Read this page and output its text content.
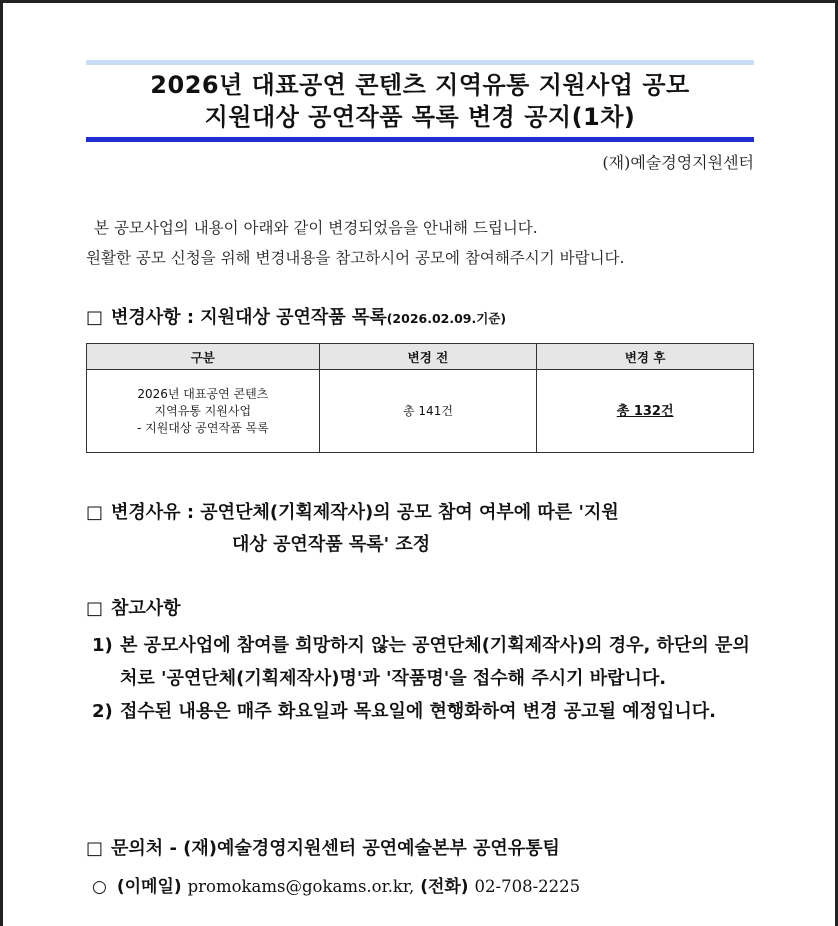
2026년 대표공연 콘텐츠 지역유통 지원사업 공모
지원대상 공연작품 목록 변경 공지(1차)
(재)예술경영지원센터
본 공모사업의 내용이 아래와 같이 변경되었음을 안내해 드립니다.
원활한 공모 신청을 위해 변경내용을 참고하시어 공모에 참여해주시기 바랍니다.
□ 변경사항 : 지원대상 공연작품 목록(2026.02.09.기준)
구분	변경 전	변경 후

2026년 대표공연 콘텐츠
지역유통 지원사업
- 지원대상 공연작품 목록	총 141건	총 132건
□ 변경사유 : 공연단체(기획제작사)의 공모 참여 여부에 따른 '지원
대상 공연작품 목록' 조정
□ 참고사항
1) 본 공모사업에 참여를 희망하지 않는 공연단체(기획제작사)의 경우, 하단의 문의처로 '공연단체(기획제작사)명'과 '작품명'을 접수해 주시기 바랍니다.
2) 접수된 내용은 매주 화요일과 목요일에 현행화하여 변경 공고될 예정입니다.
□ 문의처 - (재)예술경영지원센터 공연예술본부 공연유통팀
○ (이메일) promokams@gokams.or.kr, (전화) 02-708-2225
